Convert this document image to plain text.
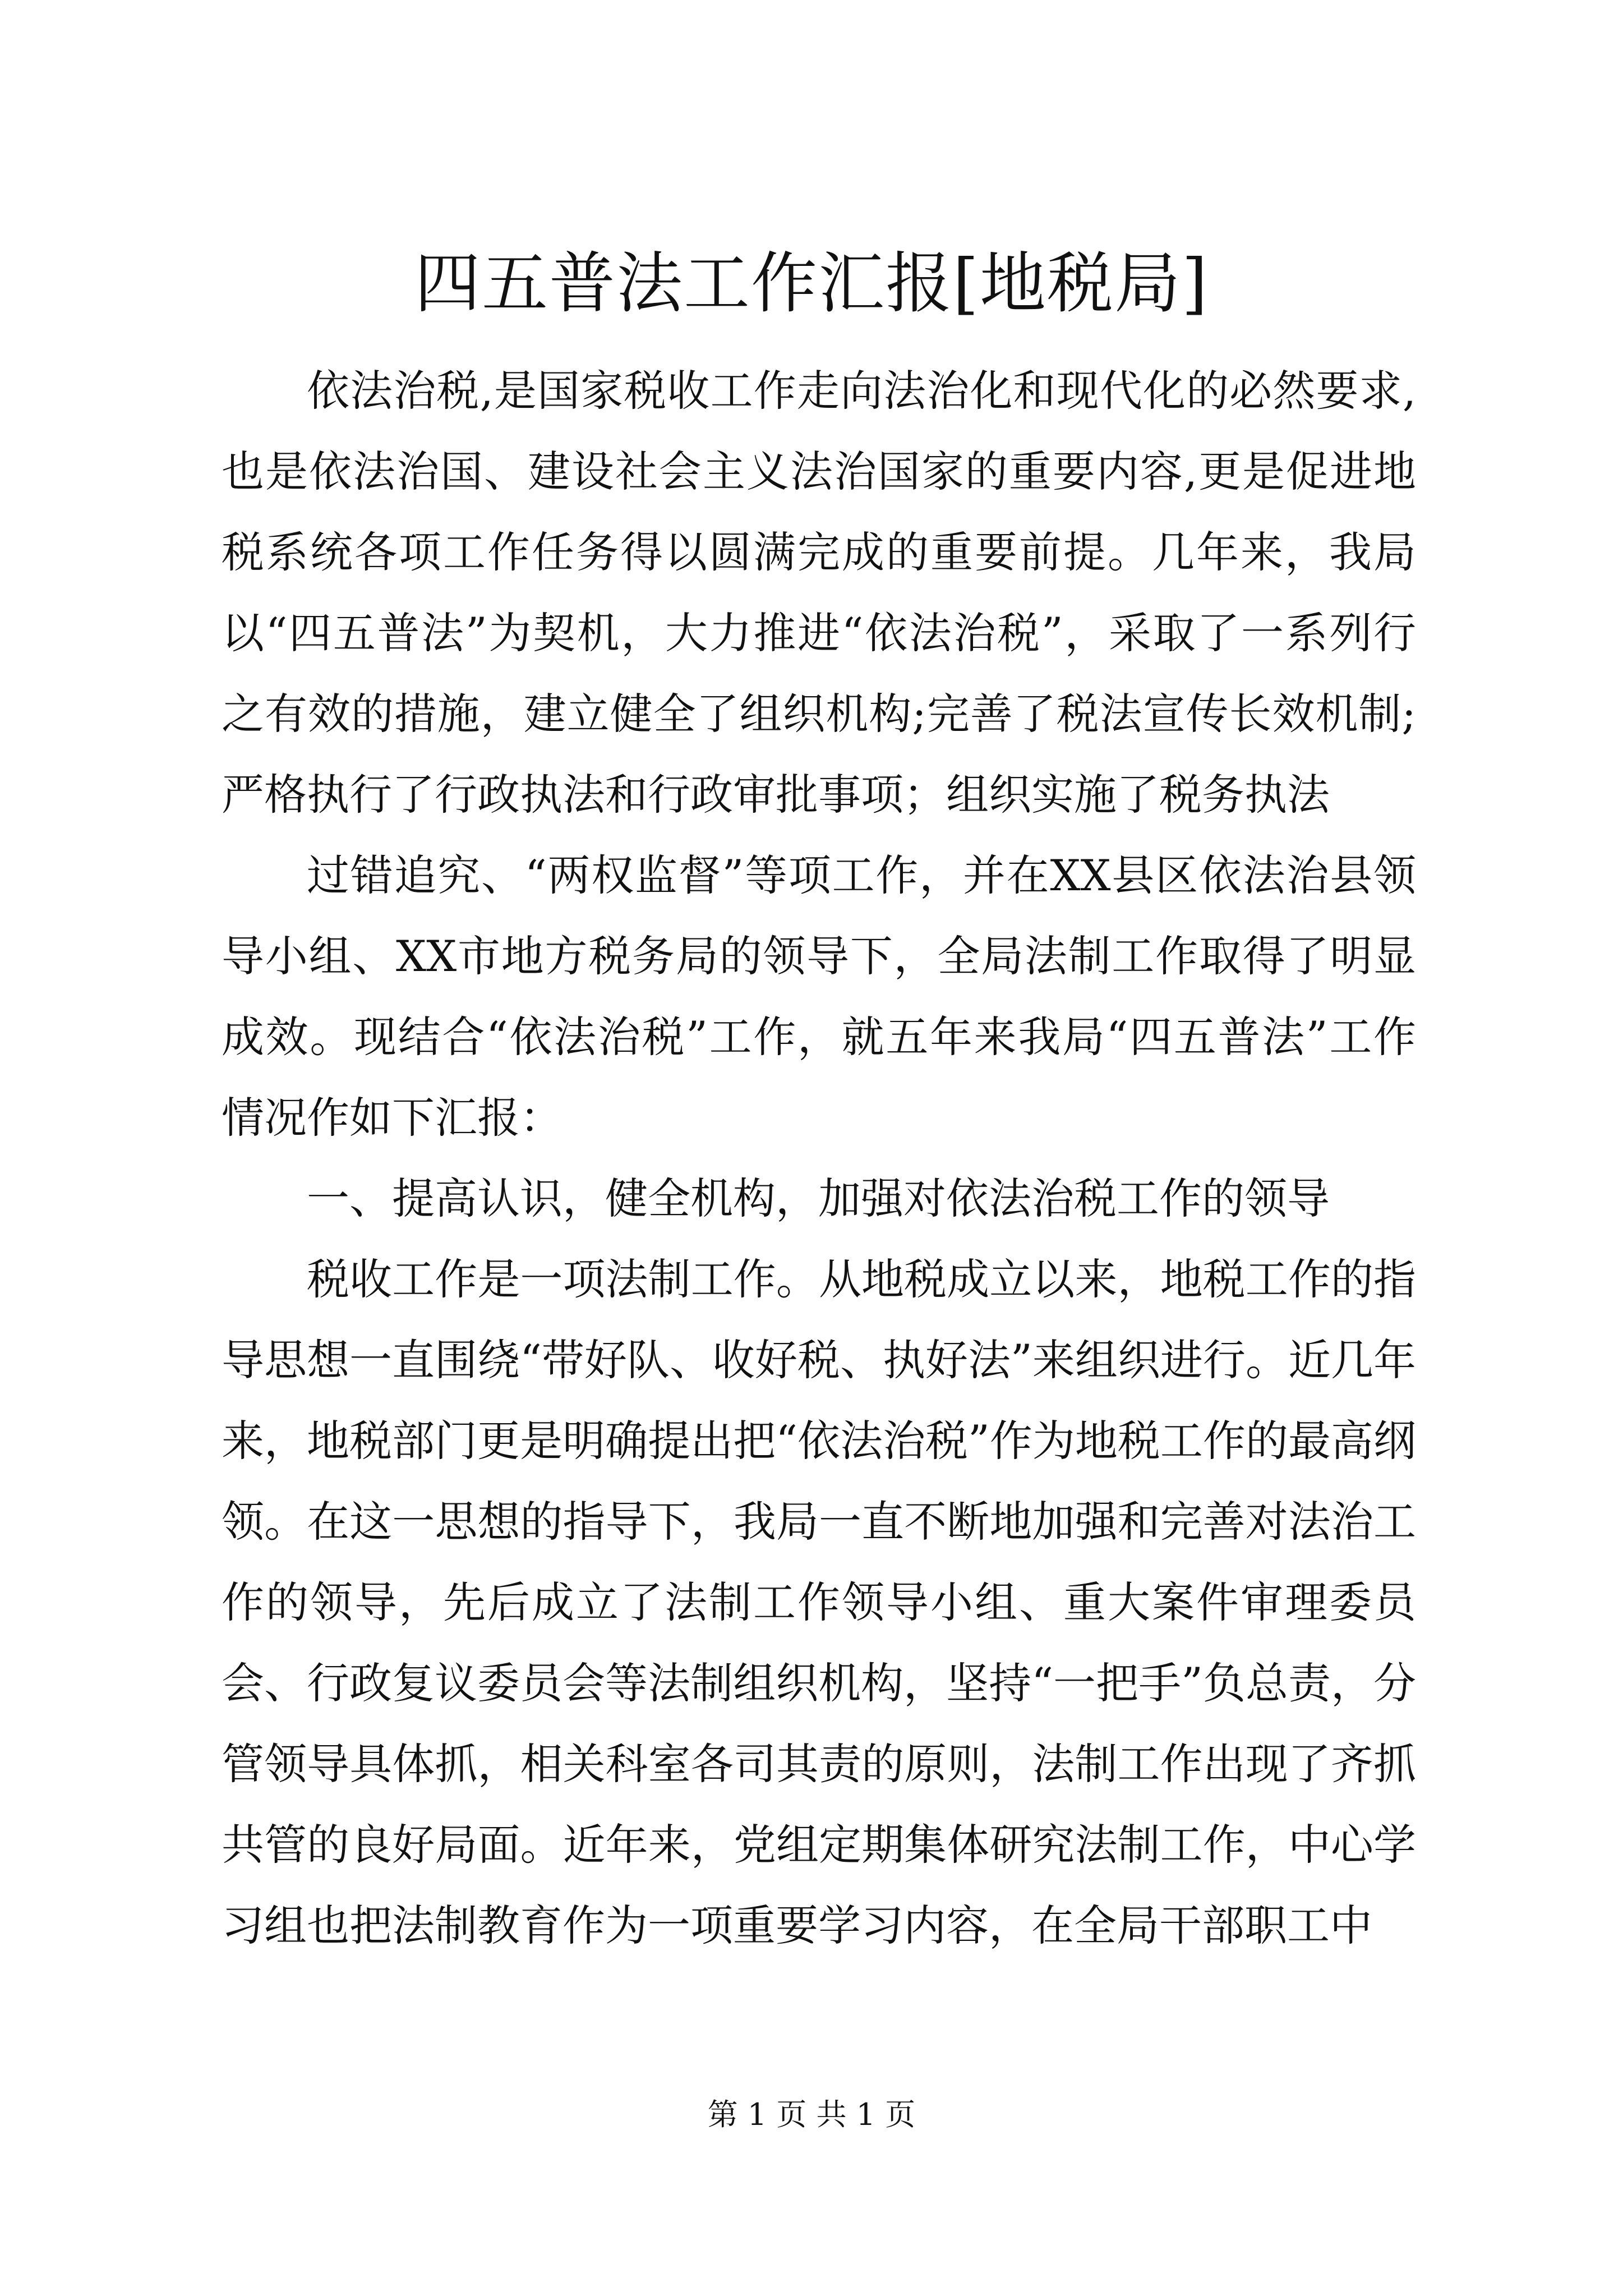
四五普法工作汇报[地税局]

依法治税,是国家税收工作走向法治化和现代化的必然要求,也是依法治国、建设社会主义法治国家的重要内容,更是促进地税系统各项工作任务得以圆满完成的重要前提。几年来，我局以“四五普法”为契机，大力推进“依法治税”，采取了一系列行之有效的措施，建立健全了组织机构;完善了税法宣传长效机制;严格执行了行政执法和行政审批事项；组织实施了税务执法

过错追究、“两权监督”等项工作，并在XX县区依法治县领导小组、XX市地方税务局的领导下，全局法制工作取得了明显成效。现结合“依法治税”工作，就五年来我局“四五普法”工作情况作如下汇报：

一、提高认识，健全机构，加强对依法治税工作的领导

税收工作是一项法制工作。从地税成立以来，地税工作的指导思想一直围绕“带好队、收好税、执好法”来组织进行。近几年来，地税部门更是明确提出把“依法治税”作为地税工作的最高纲领。在这一思想的指导下，我局一直不断地加强和完善对法治工作的领导，先后成立了法制工作领导小组、重大案件审理委员会、行政复议委员会等法制组织机构，坚持“一把手”负总责，分管领导具体抓，相关科室各司其责的原则，法制工作出现了齐抓共管的良好局面。近年来，党组定期集体研究法制工作，中心学习组也把法制教育作为一项重要学习内容，在全局干部职工中

第 1 页 共 1 页
